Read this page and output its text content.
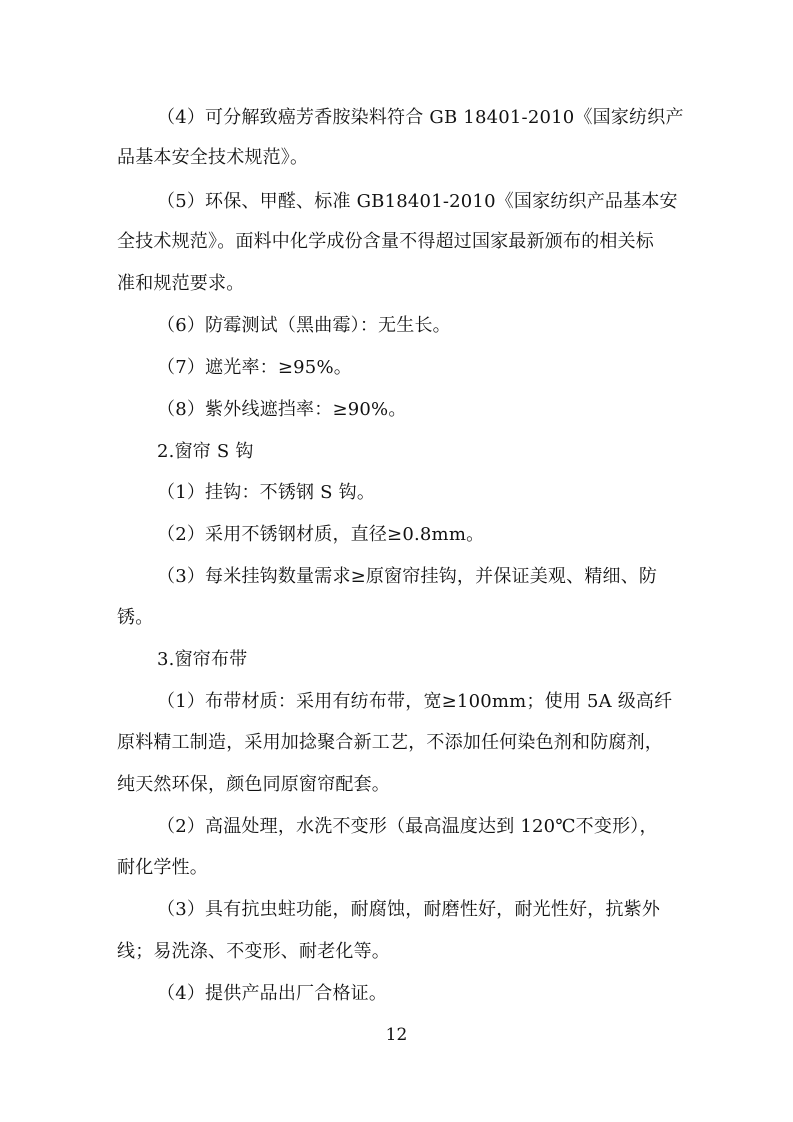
（4）可分解致癌芳香胺染料符合 GB 18401-2010《国家纺织产
品基本安全技术规范》。
（5）环保、甲醛、标准 GB18401-2010《国家纺织产品基本安
全技术规范》。面料中化学成份含量不得超过国家最新颁布的相关标
准和规范要求。
（6）防霉测试（黑曲霉）：无生长。
（7）遮光率：≥95%。
（8）紫外线遮挡率：≥90%。
2.窗帘 S 钩
（1）挂钩：不锈钢 S 钩。
（2）采用不锈钢材质，直径≥0.8mm。
（3）每米挂钩数量需求≥原窗帘挂钩，并保证美观、精细、防
锈。
3.窗帘布带
（1）布带材质：采用有纺布带，宽≥100mm；使用 5A 级高纤
原料精工制造，采用加捻聚合新工艺，不添加任何染色剂和防腐剂，
纯天然环保，颜色同原窗帘配套。
（2）高温处理，水洗不变形（最高温度达到 120℃不变形），
耐化学性。
（3）具有抗虫蛀功能，耐腐蚀，耐磨性好，耐光性好，抗紫外
线；易洗涤、不变形、耐老化等。
（4）提供产品出厂合格证。
12
